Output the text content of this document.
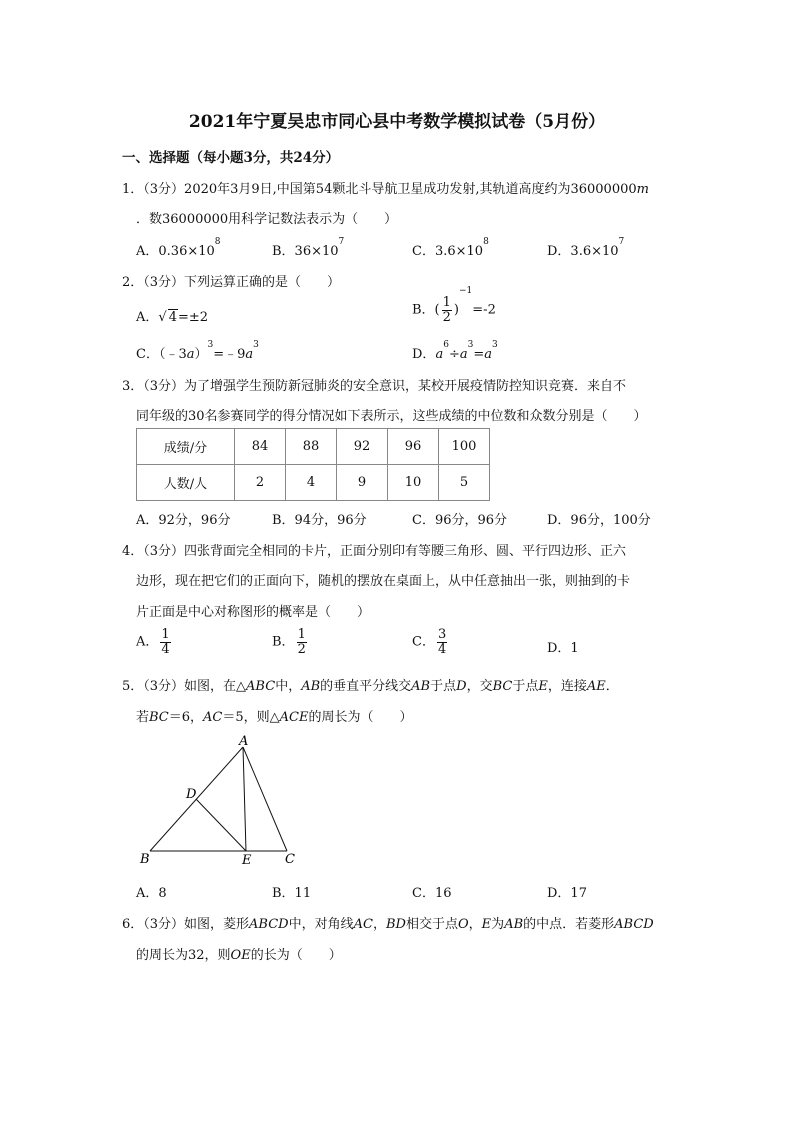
2021年宁夏吴忠市同心县中考数学模拟试卷（5月份）
一、选择题（每小题3分，共24分）
1．（3分）2020年3月9日,中国第54颗北斗导航卫星成功发射,其轨道高度约为36000000m
．数36000000用科学记数法表示为（　　）
A．$0.36\times 10^8$
B．$36\times 10^7$
C．$3.6\times 10^8$
D．$3.6\times 10^7$
2．（3分）下列运算正确的是（　　）
A．√ 4=±2	B．( $\frac{1}{2} )^{-1}=-2$
C．$(﹣3a)^3=﹣9a^3$
D．$a^6\div a^3=a^3$
3．（3分）为了增强学生预防新冠肺炎的安全意识，某校开展疫情防控知识竞赛．来自不
同年级的30名参赛同学的得分情况如下表所示，这些成绩的中位数和众数分别是（　　）
成绩/分	84	88	92	96	100
人数/人	2	4	9	10	5
A．92分，96分	B．94分，96分	C．96分，96分	D．96分，100分
4．（3分）四张背面完全相同的卡片，正面分别印有等腰三角形、圆、平行四边形、正六
边形，现在把它们的正面向下，随机的摆放在桌面上，从中任意抽出一张，则抽到的卡
片正面是中心对称图形的概率是（　　）
A． $\frac{1}{4}$	B． $\frac{1}{2}$	C． $\frac{3}{4}$	D．1
5．（3分）如图，在△ABC中，AB的垂直平分线交AB于点D，交BC于点E，连接AE．
若BC＝6，AC＝5，则△ACE的周长为（　　）
A
B	C
D
E
A．8	B．11	C．16	D．17
6．（3分）如图，菱形ABCD中，对角线AC，BD相交于点O，E为AB的中点．若菱形ABCD
的周长为32，则OE的长为（　　）
